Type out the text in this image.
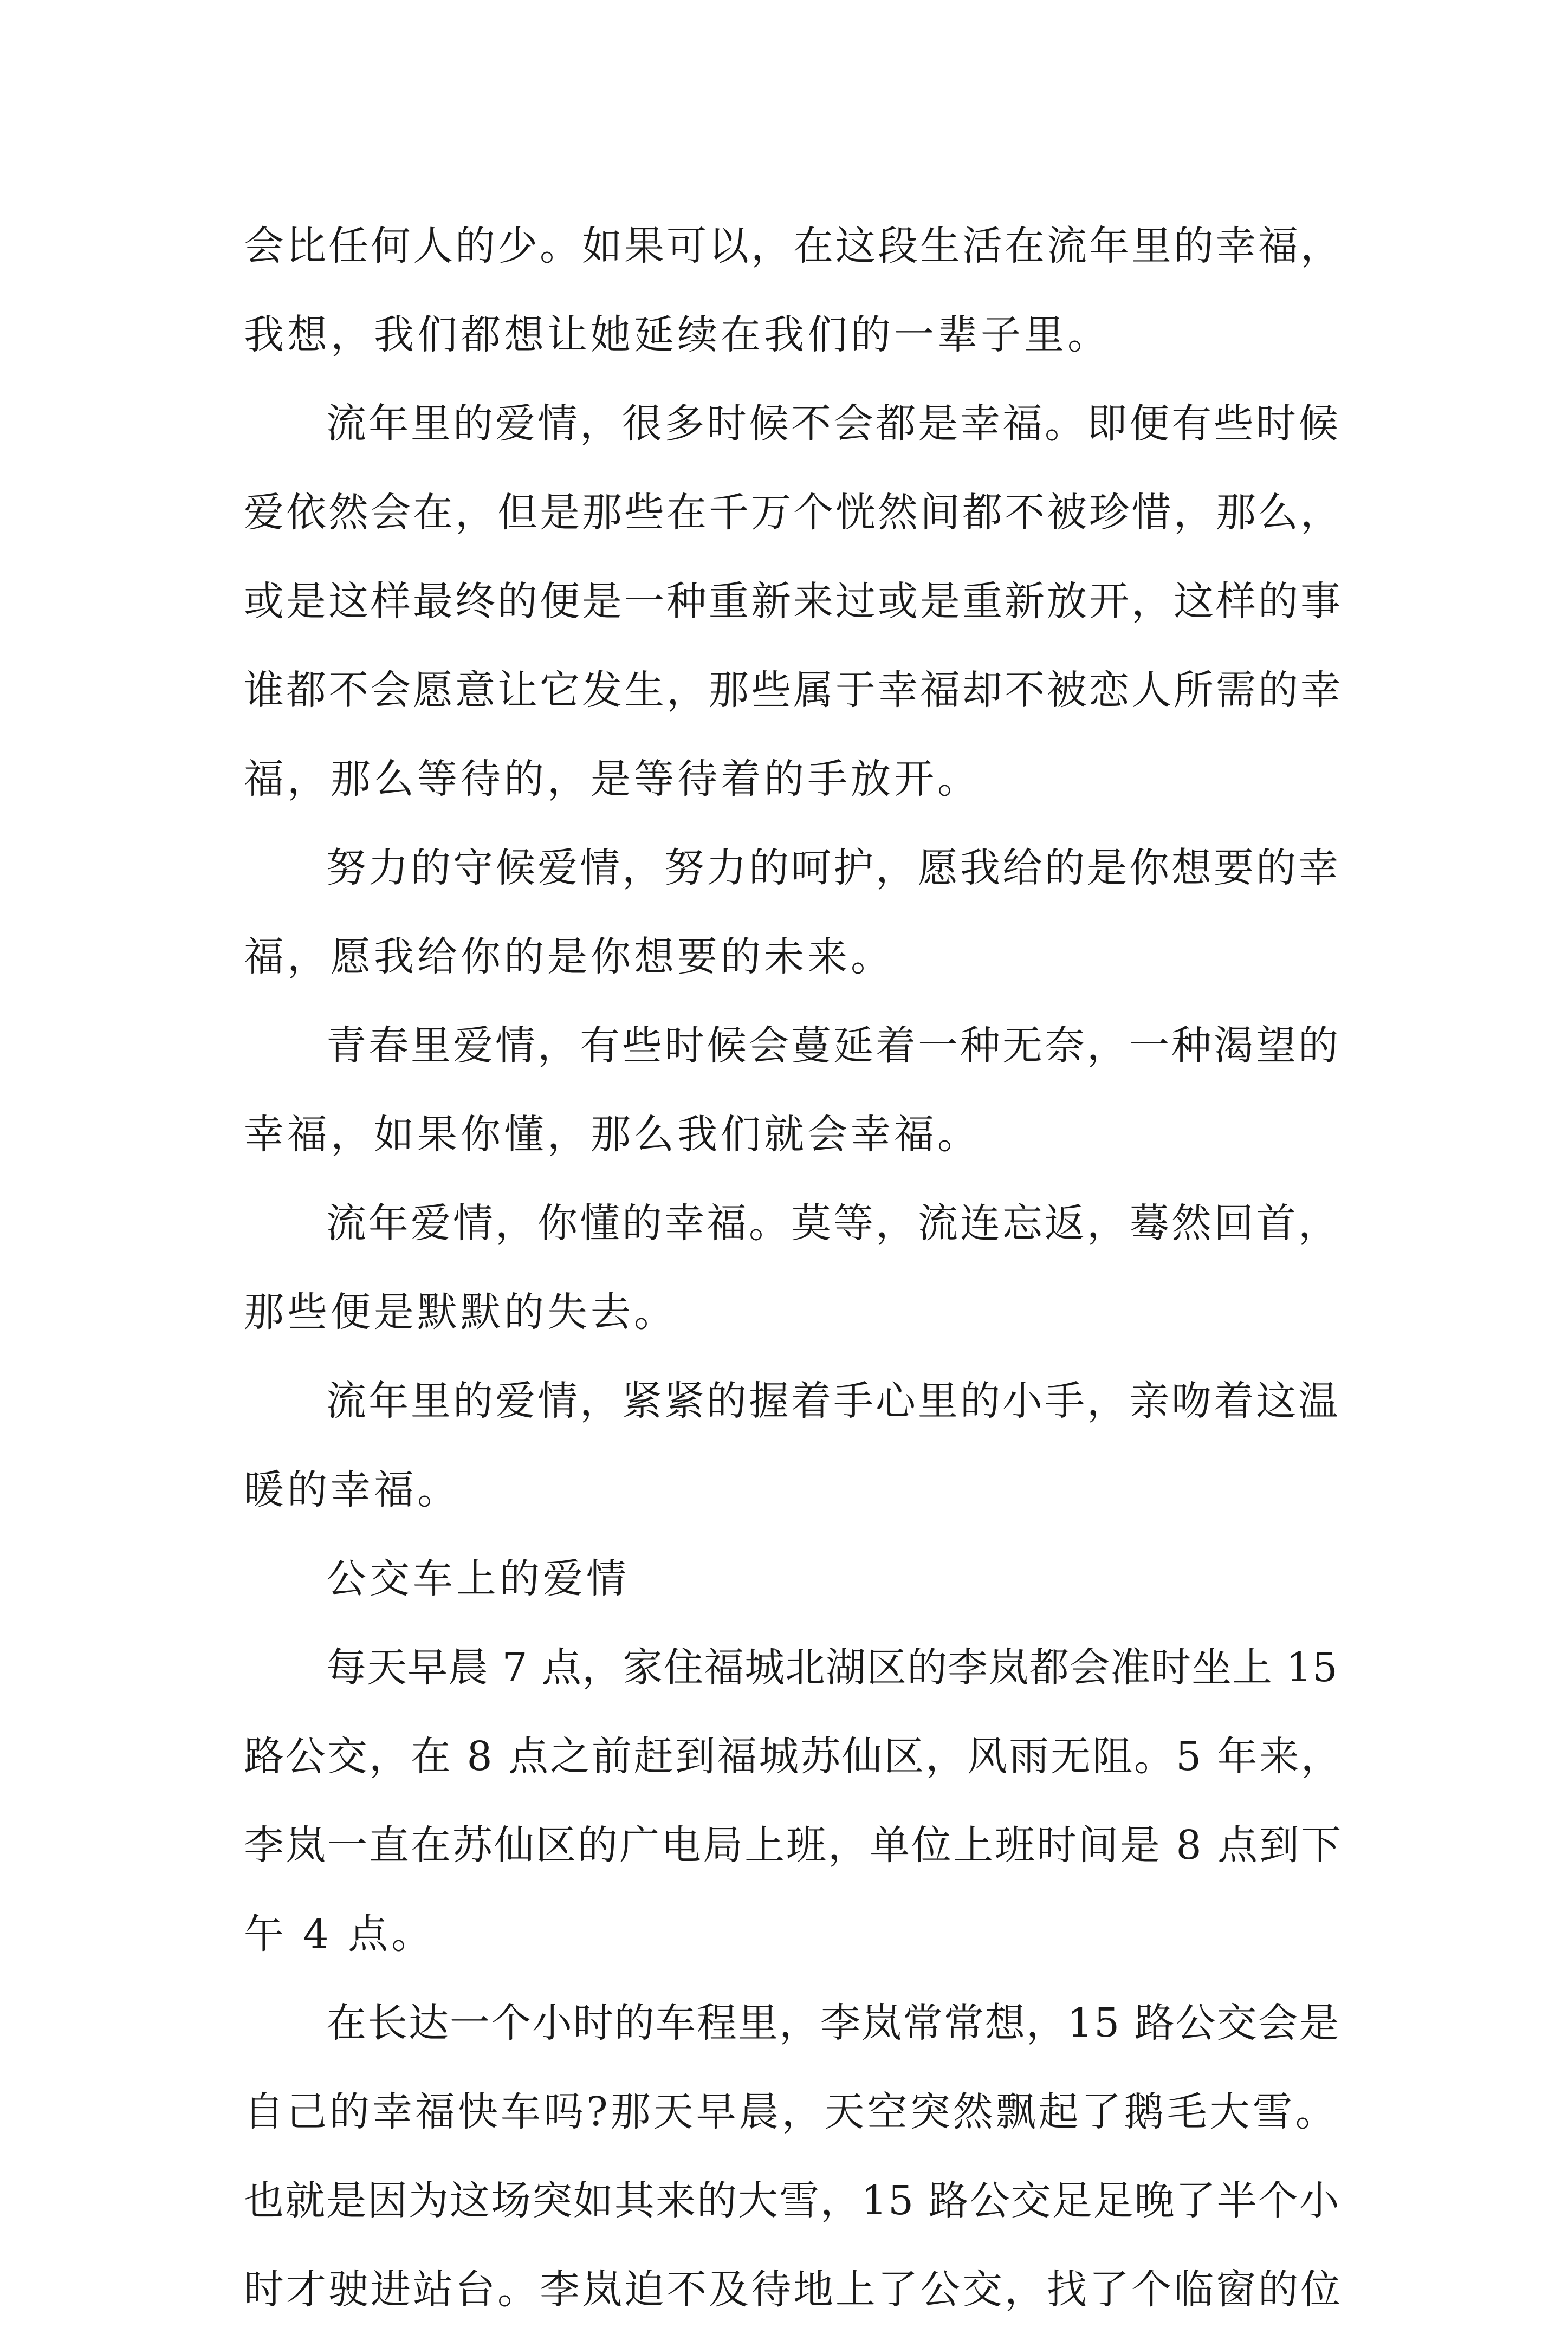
会比任何人的少。如果可以，在这段生活在流年里的幸福，
我想，我们都想让她延续在我们的一辈子里。
流年里的爱情，很多时候不会都是幸福。即便有些时候
爱依然会在，但是那些在千万个恍然间都不被珍惜，那么，
或是这样最终的便是一种重新来过或是重新放开，这样的事
谁都不会愿意让它发生，那些属于幸福却不被恋人所需的幸
福，那么等待的，是等待着的手放开。
努力的守候爱情，努力的呵护，愿我给的是你想要的幸
福，愿我给你的是你想要的未来。
青春里爱情，有些时候会蔓延着一种无奈，一种渴望的
幸福，如果你懂，那么我们就会幸福。
流年爱情，你懂的幸福。莫等，流连忘返，蓦然回首，
那些便是默默的失去。
流年里的爱情，紧紧的握着手心里的小手，亲吻着这温
暖的幸福。
公交车上的爱情
每天早晨 7 点，家住福城北湖区的李岚都会准时坐上 15
路公交，在 8 点之前赶到福城苏仙区，风雨无阻。5 年来，
李岚一直在苏仙区的广电局上班，单位上班时间是 8 点到下
午 4 点。
在长达一个小时的车程里，李岚常常想，15 路公交会是
自己的幸福快车吗?那天早晨，天空突然飘起了鹅毛大雪。
也就是因为这场突如其来的大雪，15 路公交足足晚了半个小
时才驶进站台。李岚迫不及待地上了公交，找了个临窗的位
